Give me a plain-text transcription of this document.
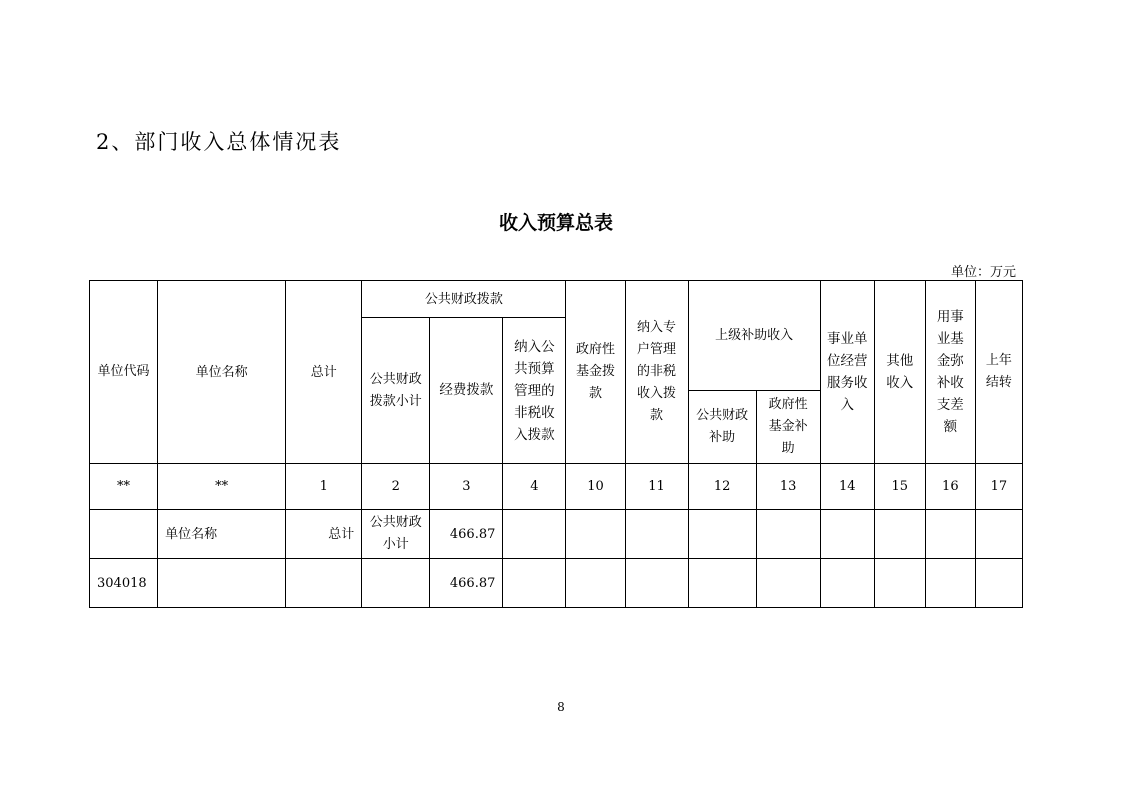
2、部门收入总体情况表
收入预算总表
单位：万元
单位代码	单位名称	总计	公共财政拨款			政府性基金拨款	纳入专户管理的非税收入拨款	上级补助收入		事业单位经营服务收入	其他收入	用事业基金弥补收支差额	上年结转
			公共财政拨款小计	经费拨款	纳入公共预算管理的非税收入拨款								
								公共财政补助	政府性基金补助				
**	**	1	2	3	4	10	11	12	13	14	15	16	17
	单位名称	总计	公共财政小计	466.87									
304018				466.87									
8
